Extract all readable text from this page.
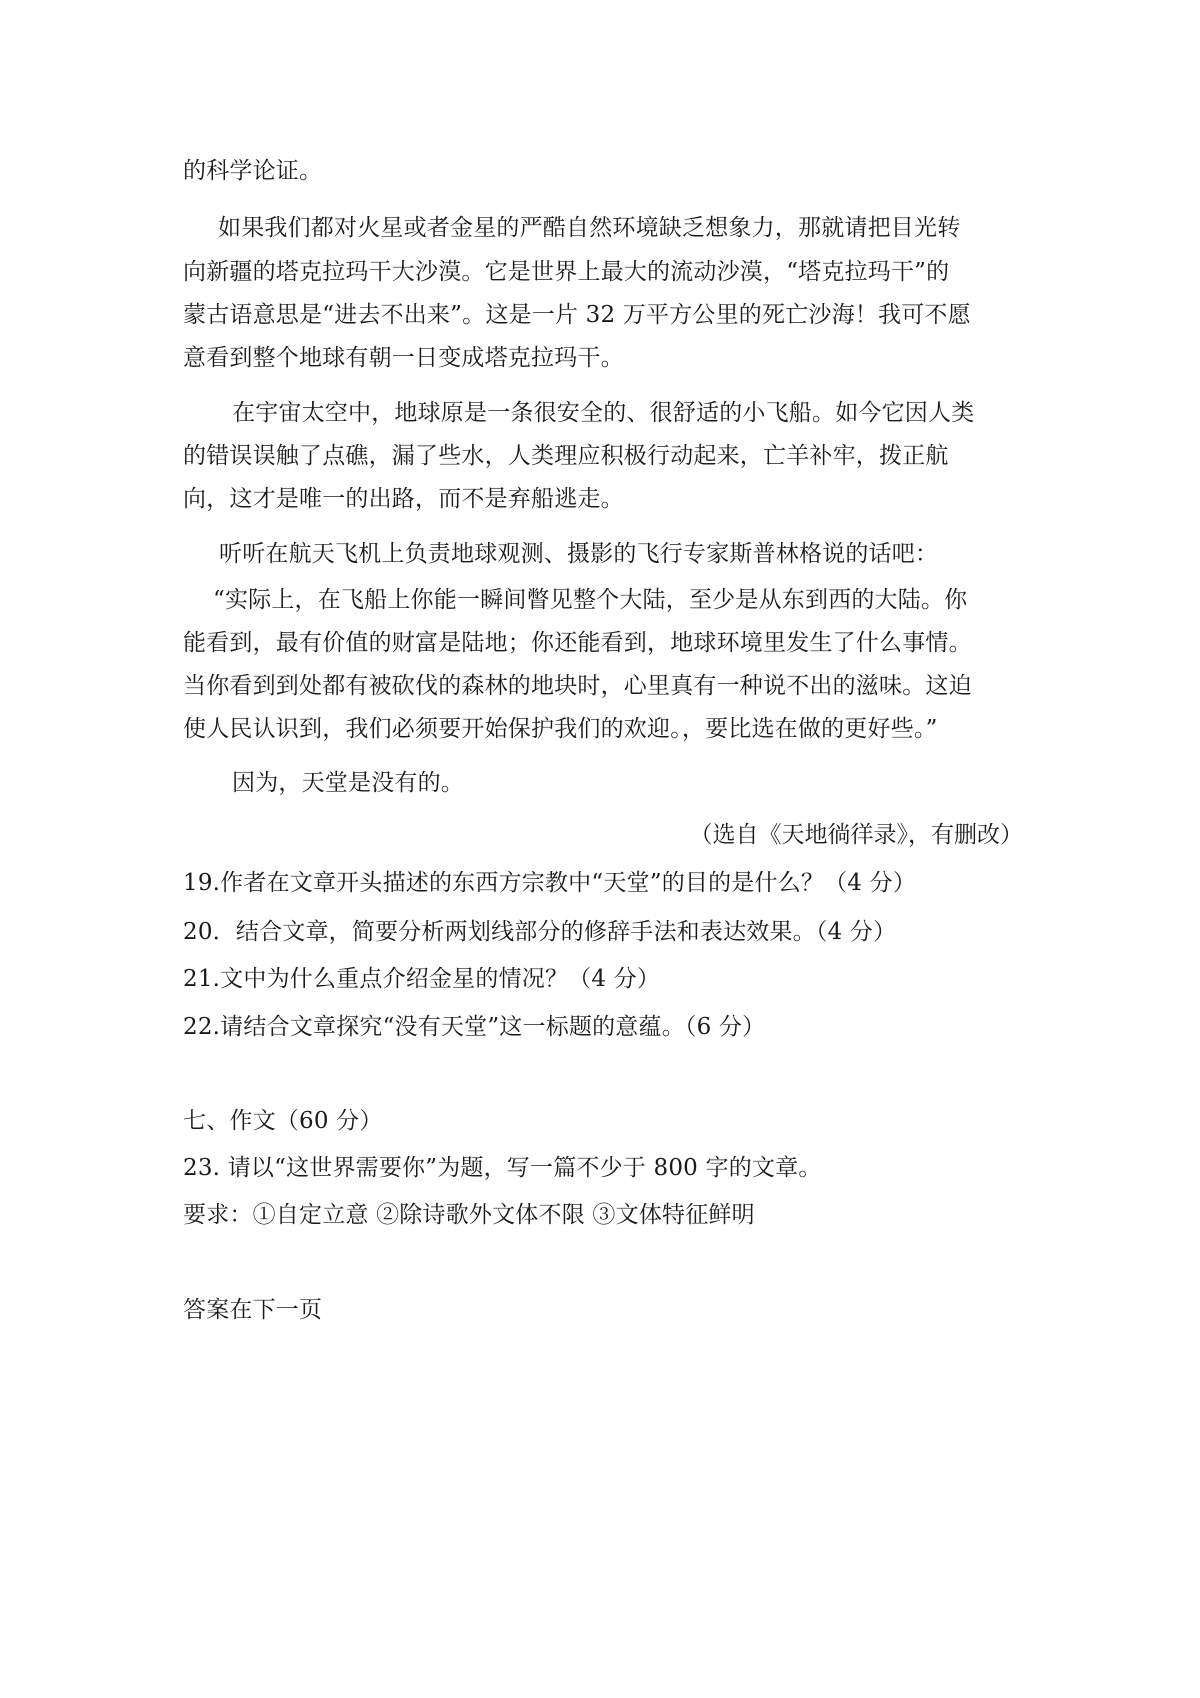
的科学论证。
如果我们都对火星或者金星的严酷自然环境缺乏想象力，那就请把目光转
向新疆的塔克拉玛干大沙漠。它是世界上最大的流动沙漠，“塔克拉玛干”的
蒙古语意思是“进去不出来”。这是一片 32 万平方公里的死亡沙海！我可不愿
意看到整个地球有朝一日变成塔克拉玛干。
在宇宙太空中，地球原是一条很安全的、很舒适的小飞船。如今它因人类
的错误误触了点礁，漏了些水，人类理应积极行动起来，亡羊补牢，拨正航
向，这才是唯一的出路，而不是弃船逃走。
听听在航天飞机上负责地球观测、摄影的飞行专家斯普林格说的话吧：
“实际上，在飞船上你能一瞬间瞥见整个大陆，至少是从东到西的大陆。你
能看到，最有价值的财富是陆地；你还能看到，地球环境里发生了什么事情。
当你看到到处都有被砍伐的森林的地块时，心里真有一种说不出的滋味。这迫
使人民认识到，我们必须要开始保护我们的欢迎。，要比选在做的更好些。”
因为，天堂是没有的。
（选自《天地徜徉录》，有删改）
19.作者在文章开头描述的东西方宗教中“天堂”的目的是什么？（4 分）
20．结合文章，简要分析两划线部分的修辞手法和表达效果。（4 分）
21.文中为什么重点介绍金星的情况？（4 分）
22.请结合文章探究“没有天堂”这一标题的意蕴。（6 分）
七、作文（60 分）
23. 请以“这世界需要你”为题，写一篇不少于 800 字的文章。
要求：①自定立意 ②除诗歌外文体不限 ③文体特征鲜明
答案在下一页
